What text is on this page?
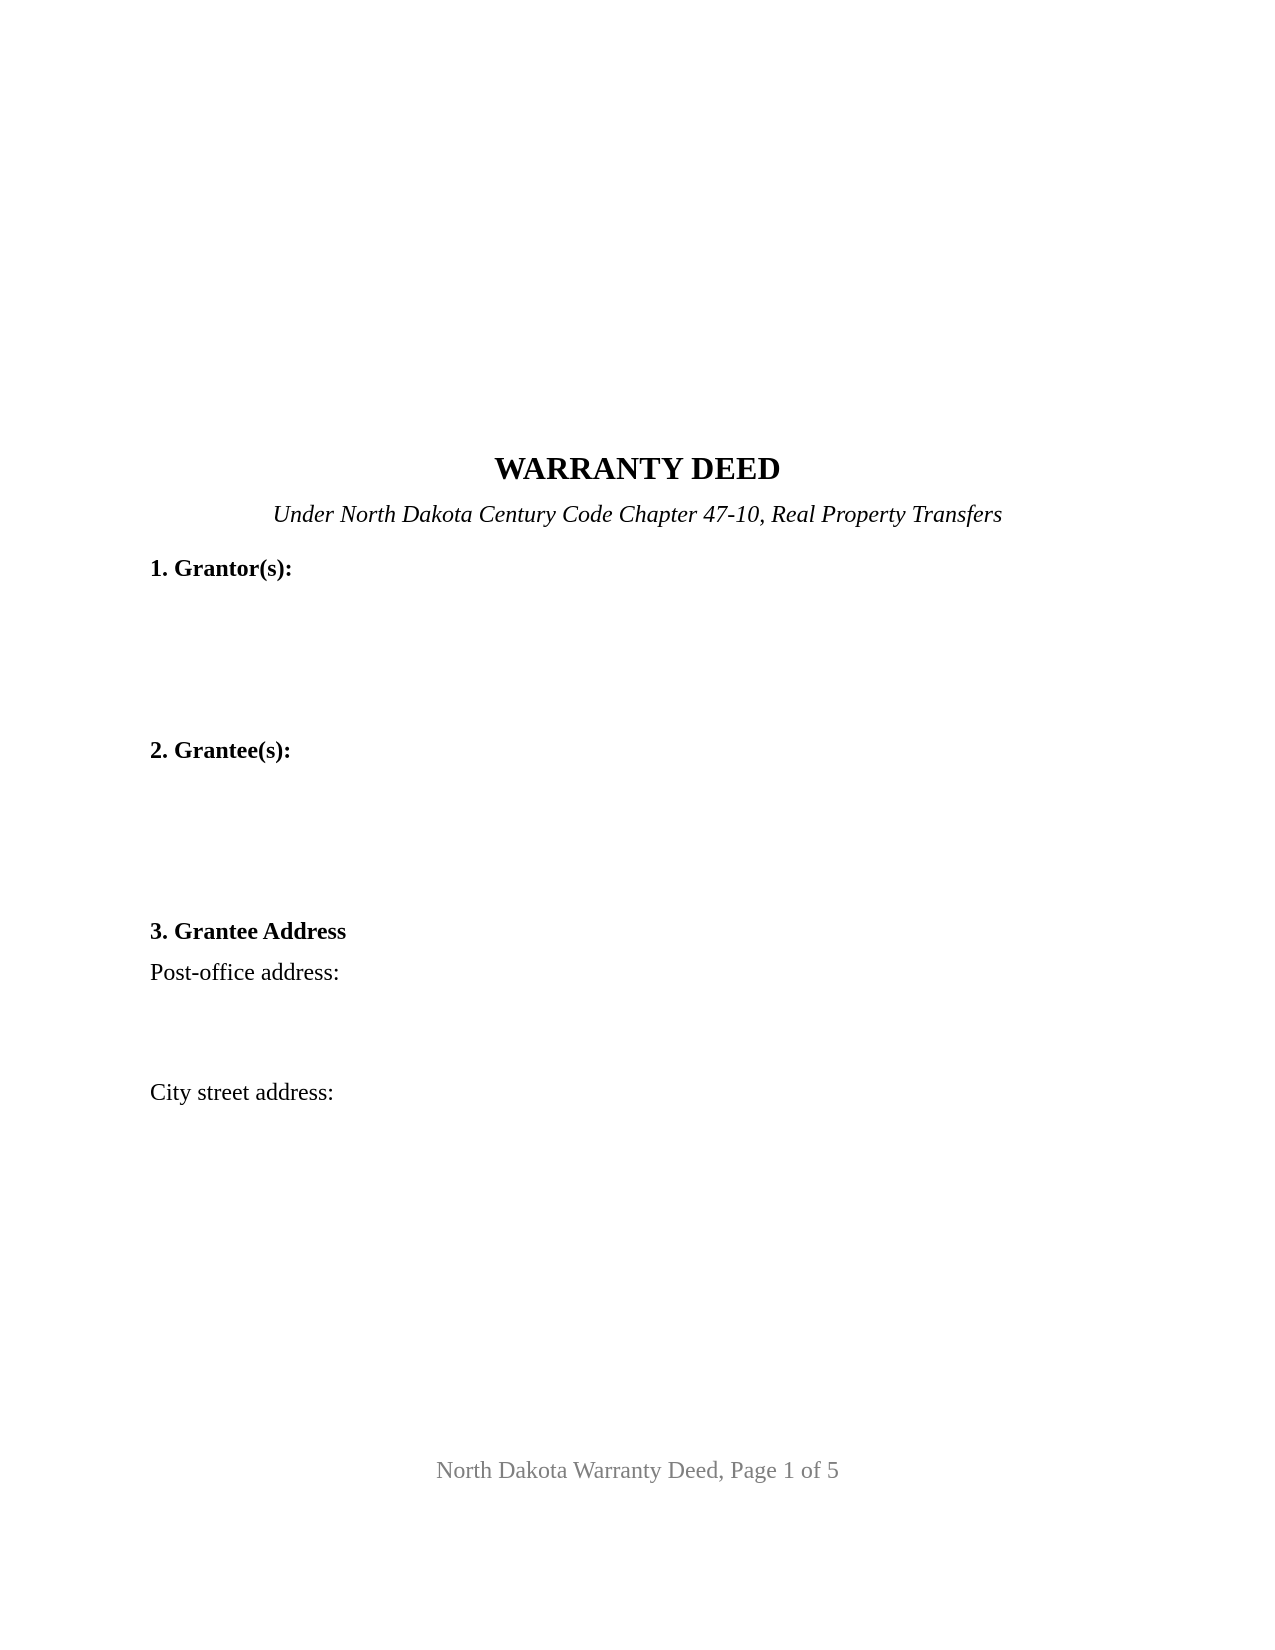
WARRANTY DEED
Under North Dakota Century Code Chapter 47-10, Real Property Transfers
1. Grantor(s):
2. Grantee(s):
3. Grantee Address
Post-office address:
City street address:
North Dakota Warranty Deed, Page 1 of 5
